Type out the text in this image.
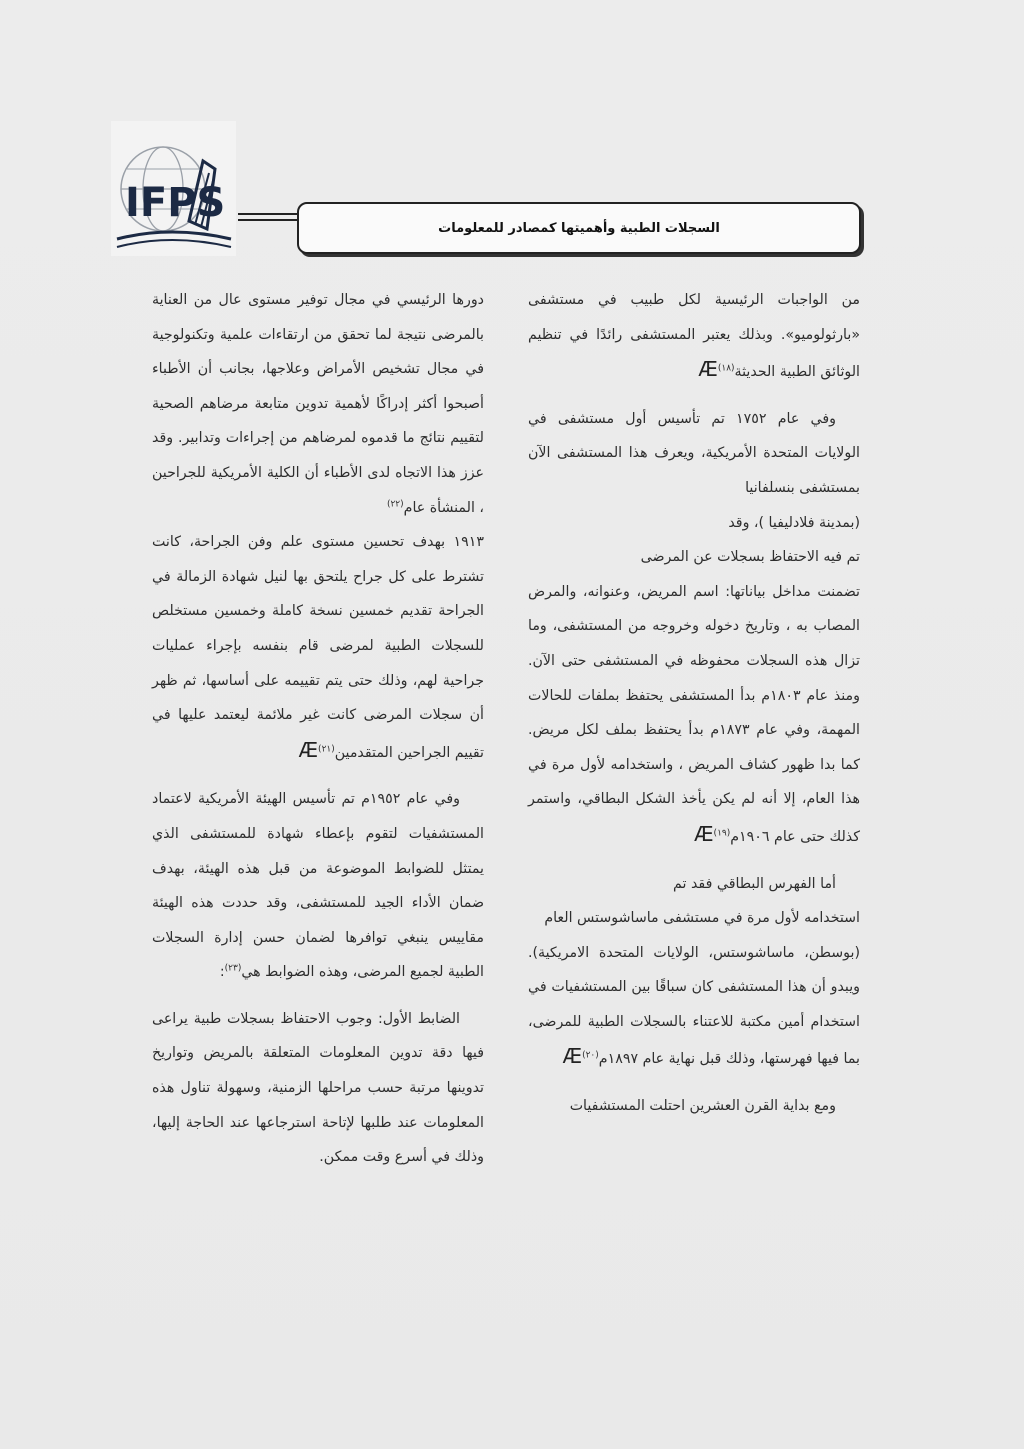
IFPS
السجلات الطبية وأهميتها كمصادر للمعلومات

من الواجبات الرئيسية لكل طبيب في مستشفى «بارثولوميو». وبذلك يعتبر المستشفى رائدًا في تنظيم الوثائق الطبية الحديثة$^{(١٨)}$Æ

وفي عام ١٧٥٢ تم تأسيس أول مستشفى في الولايات المتحدة الأمريكية، ويعرف هذا المستشفى الآن بمستشفى بنسلفانيا

(بمدينة فلادليفيا )، وقد

تم فيه الاحتفاظ بسجلات عن المرضى

تضمنت مداخل بياناتها: اسم المريض، وعنوانه، والمرض المصاب به ، وتاريخ دخوله وخروجه من المستشفى، وما تزال هذه السجلات محفوظه في المستشفى حتى الآن. ومنذ عام ١٨٠٣م بدأ المستشفى يحتفظ بملفات للحالات المهمة، وفي عام ١٨٧٣م بدأ يحتفظ بملف لكل مريض. كما بدا ظهور كشاف المريض ، واستخدامه لأول مرة في هذا العام، إلا أنه لم يكن يأخذ الشكل البطاقي، واستمر كذلك حتى عام ١٩٠٦م$^{(١٩)}$Æ

أما الفهرس البطاقي فقد تم

استخدامه لأول مرة في مستشفى ماساشوستس العام

(بوسطن، ماساشوستس، الولايات المتحدة الامريكية). ويبدو أن هذا المستشفى كان سباقًا بين المستشفيات في استخدام أمين مكتبة للاعتناء بالسجلات الطبية للمرضى، بما فيها فهرستها، وذلك قبل نهاية عام ١٨٩٧م$^{(٢٠)}$Æ

ومع بداية القرن العشرين احتلت المستشفيات

دورها الرئيسي في مجال توفير مستوى عال من العناية بالمرضى نتيجة لما تحقق من ارتقاءات علمية وتكنولوجية في مجال تشخيص الأمراض وعلاجها، بجانب أن الأطباء أصبحوا أكثر إدراكًا لأهمية تدوين متابعة مرضاهم الصحية لتقييم نتائج ما قدموه لمرضاهم من إجراءات وتدابير. وقد عزز هذا الاتجاه لدى الأطباء أن الكلية الأمريكية للجراحين ، المنشأة عام$^{(٢٢)}$

١٩١٣ بهدف تحسين مستوى علم وفن الجراحة، كانت تشترط على كل جراح يلتحق بها لنيل شهادة الزمالة في الجراحة تقديم خمسين نسخة كاملة وخمسين مستخلص للسجلات الطبية لمرضى قام بنفسه بإجراء عمليات جراحية لهم، وذلك حتى يتم تقييمه على أساسها، ثم ظهر أن سجلات المرضى كانت غير ملائمة ليعتمد عليها في تقييم الجراحين المتقدمين$^{(٢١)}$Æ

وفي عام ١٩٥٢م تم تأسيس الهيئة الأمريكية لاعتماد المستشفيات لتقوم بإعطاء شهادة للمستشفى الذي يمتثل للضوابط الموضوعة من قبل هذه الهيئة، بهدف ضمان الأداء الجيد للمستشفى، وقد حددت هذه الهيئة مقاييس ينبغي توافرها لضمان حسن إدارة السجلات الطبية لجميع المرضى، وهذه الضوابط هي$^{(٢٣)}$:

الضابط الأول: وجوب الاحتفاظ بسجلات طبية يراعى فيها دقة تدوين المعلومات المتعلقة بالمريض وتواريخ تدوينها مرتبة حسب مراحلها الزمنية، وسهولة تناول هذه المعلومات عند طلبها لإتاحة استرجاعها عند الحاجة إليها، وذلك في أسرع وقت ممكن.
